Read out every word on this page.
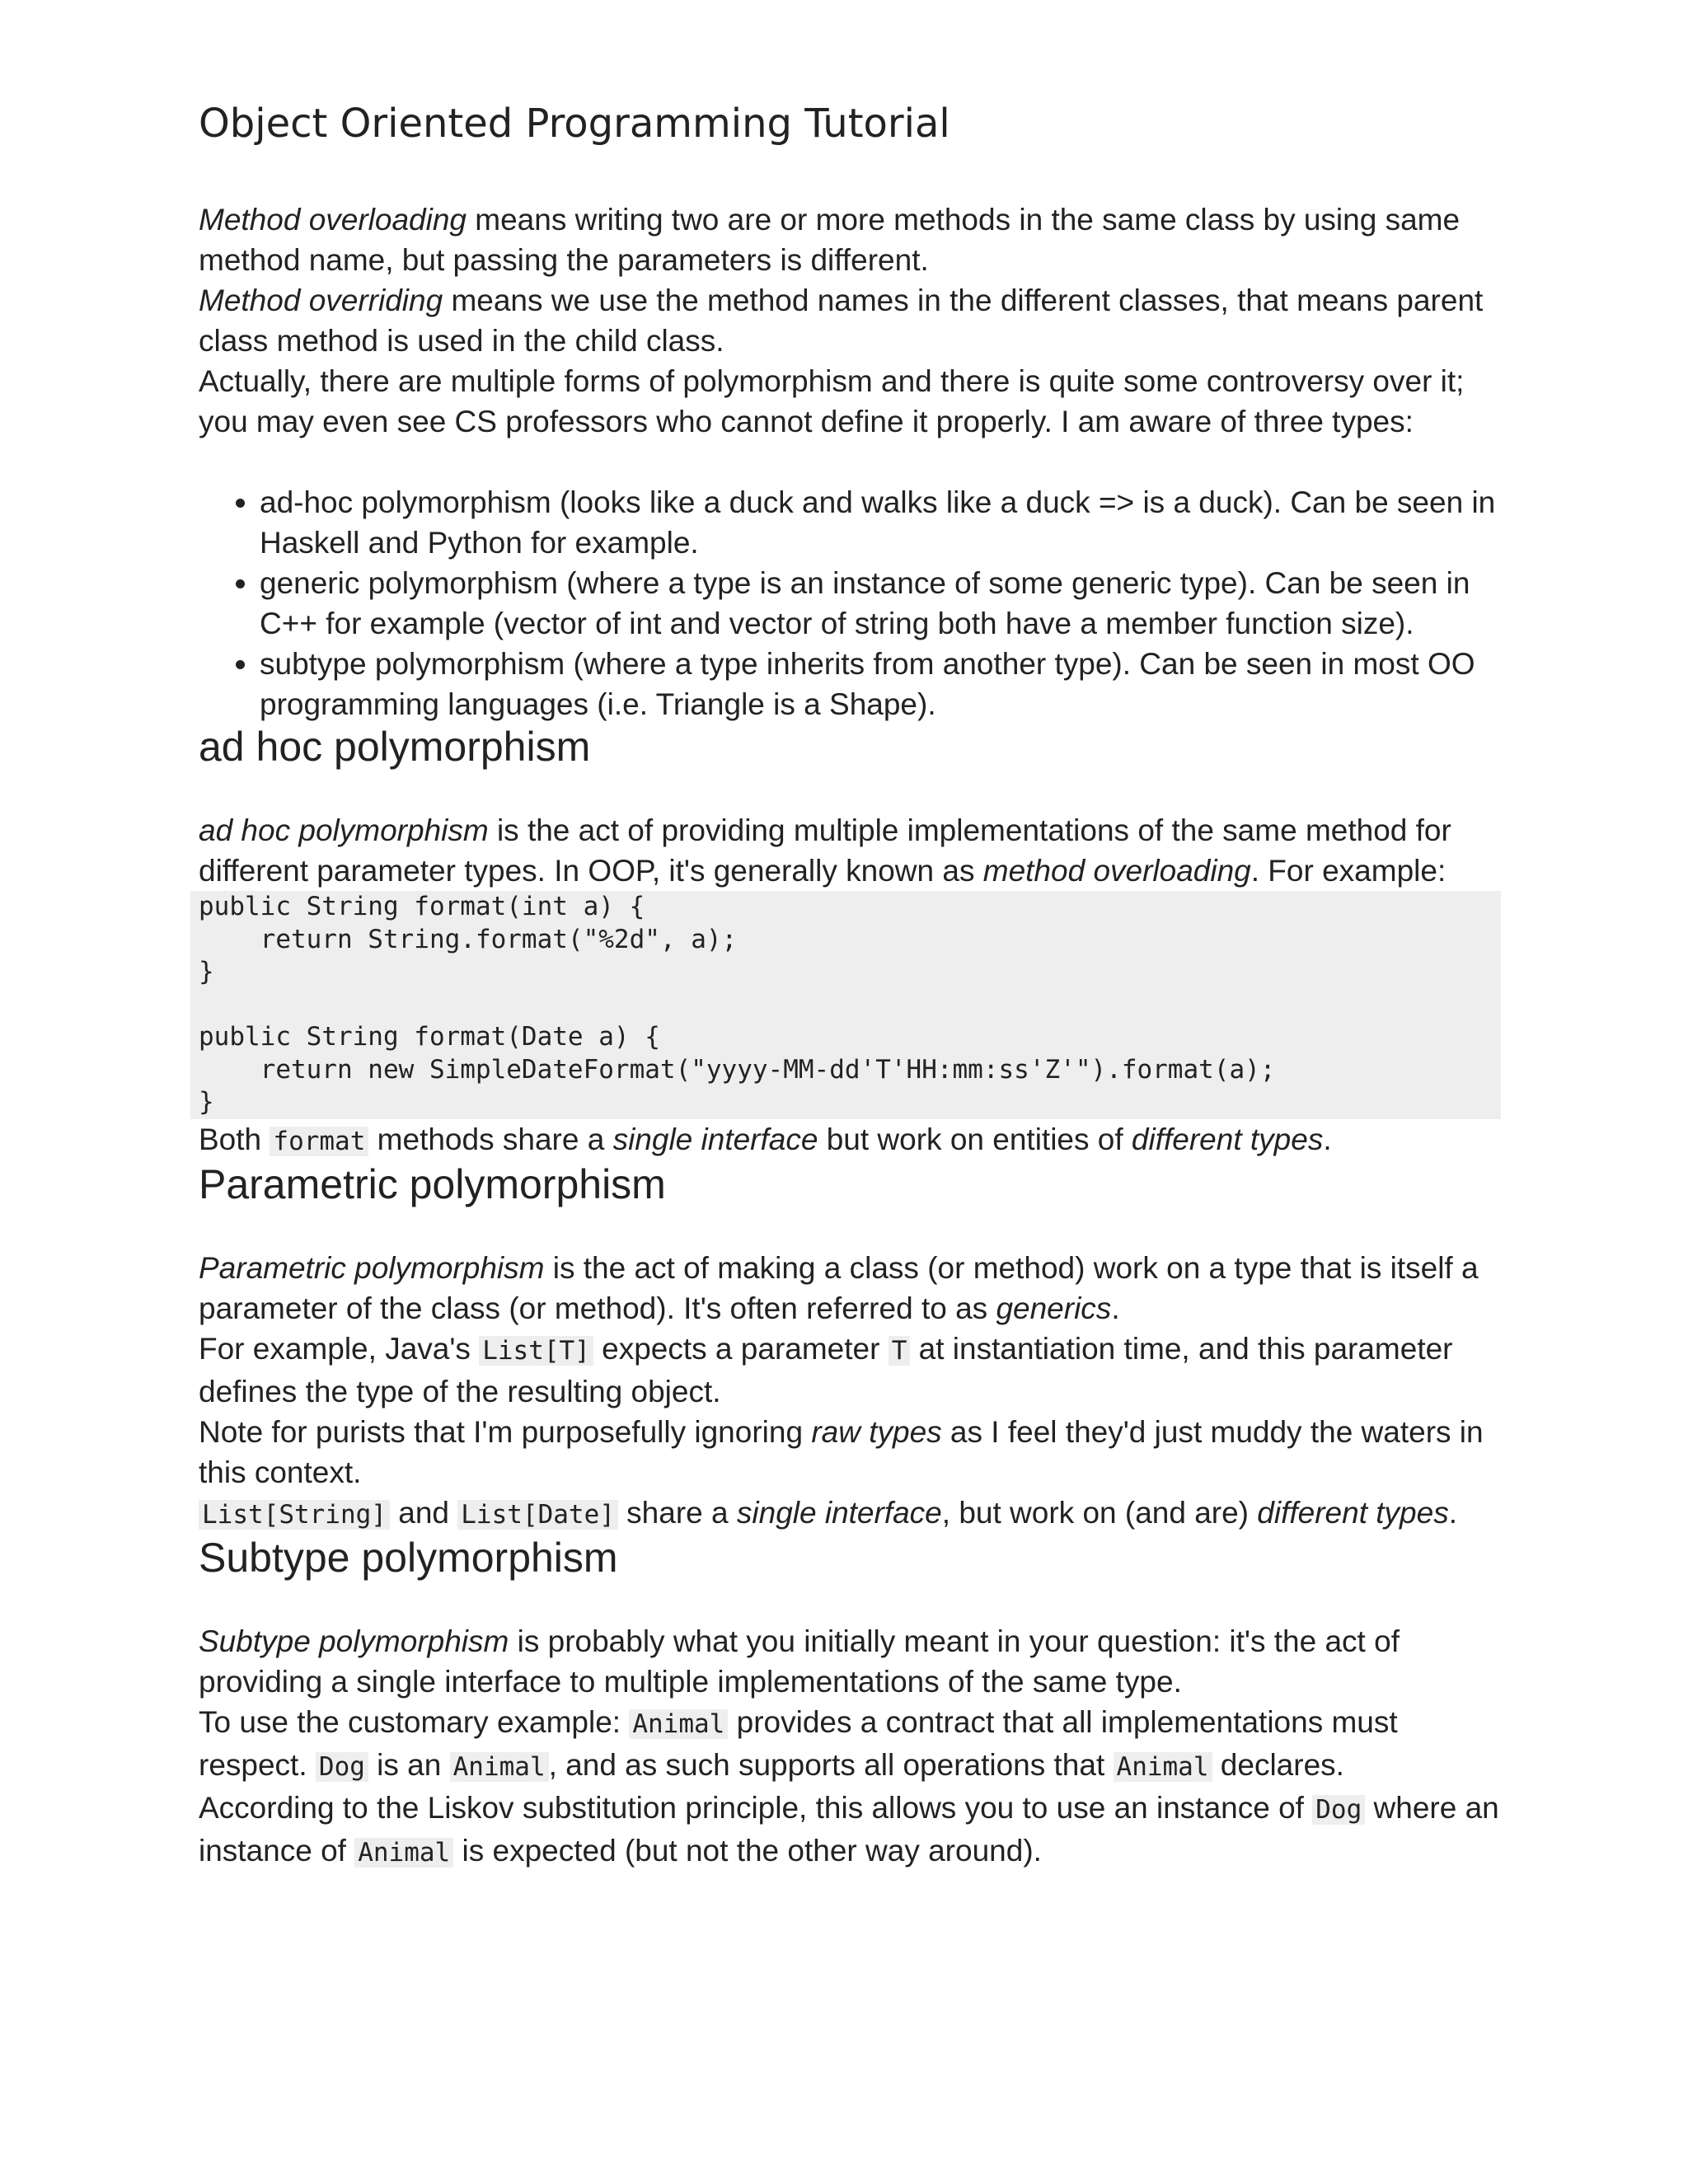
Object Oriented Programming Tutorial

Method overloading means writing two are or more methods in the same class by using same method name, but passing the parameters is different.

Method overriding means we use the method names in the different classes, that means parent class method is used in the child class.

Actually, there are multiple forms of polymorphism and there is quite some controversy over it; you may even see CS professors who cannot define it properly. I am aware of three types:

• ad-hoc polymorphism (looks like a duck and walks like a duck => is a duck). Can be seen in Haskell and Python for example.
• generic polymorphism (where a type is an instance of some generic type). Can be seen in C++ for example (vector of int and vector of string both have a member function size).
• subtype polymorphism (where a type inherits from another type). Can be seen in most OO programming languages (i.e. Triangle is a Shape).
ad hoc polymorphism

ad hoc polymorphism is the act of providing multiple implementations of the same method for different parameter types. In OOP, it's generally known as method overloading. For example:

public String format(int a) {
return String.format("%2d", a);
}

public String format(Date a) {
return new SimpleDateFormat("yyyy-MM-dd'T'HH:mm:ss'Z'").format(a);
}

Both format methods share a single interface but work on entities of different types.

Parametric polymorphism

Parametric polymorphism is the act of making a class (or method) work on a type that is itself a parameter of the class (or method). It's often referred to as generics.

For example, Java's List[T] expects a parameter T at instantiation time, and this parameter defines the type of the resulting object.

Note for purists that I'm purposefully ignoring raw types as I feel they'd just muddy the waters in this context.

List[String] and List[Date] share a single interface, but work on (and are) different types.

Subtype polymorphism

Subtype polymorphism is probably what you initially meant in your question: it's the act of providing a single interface to multiple implementations of the same type.

To use the customary example: Animal provides a contract that all implementations must respect. Dog is an Animal , and as such supports all operations that Animal declares.

According to the Liskov substitution principle, this allows you to use an instance of Dog where an instance of Animal is expected (but not the other way around).
